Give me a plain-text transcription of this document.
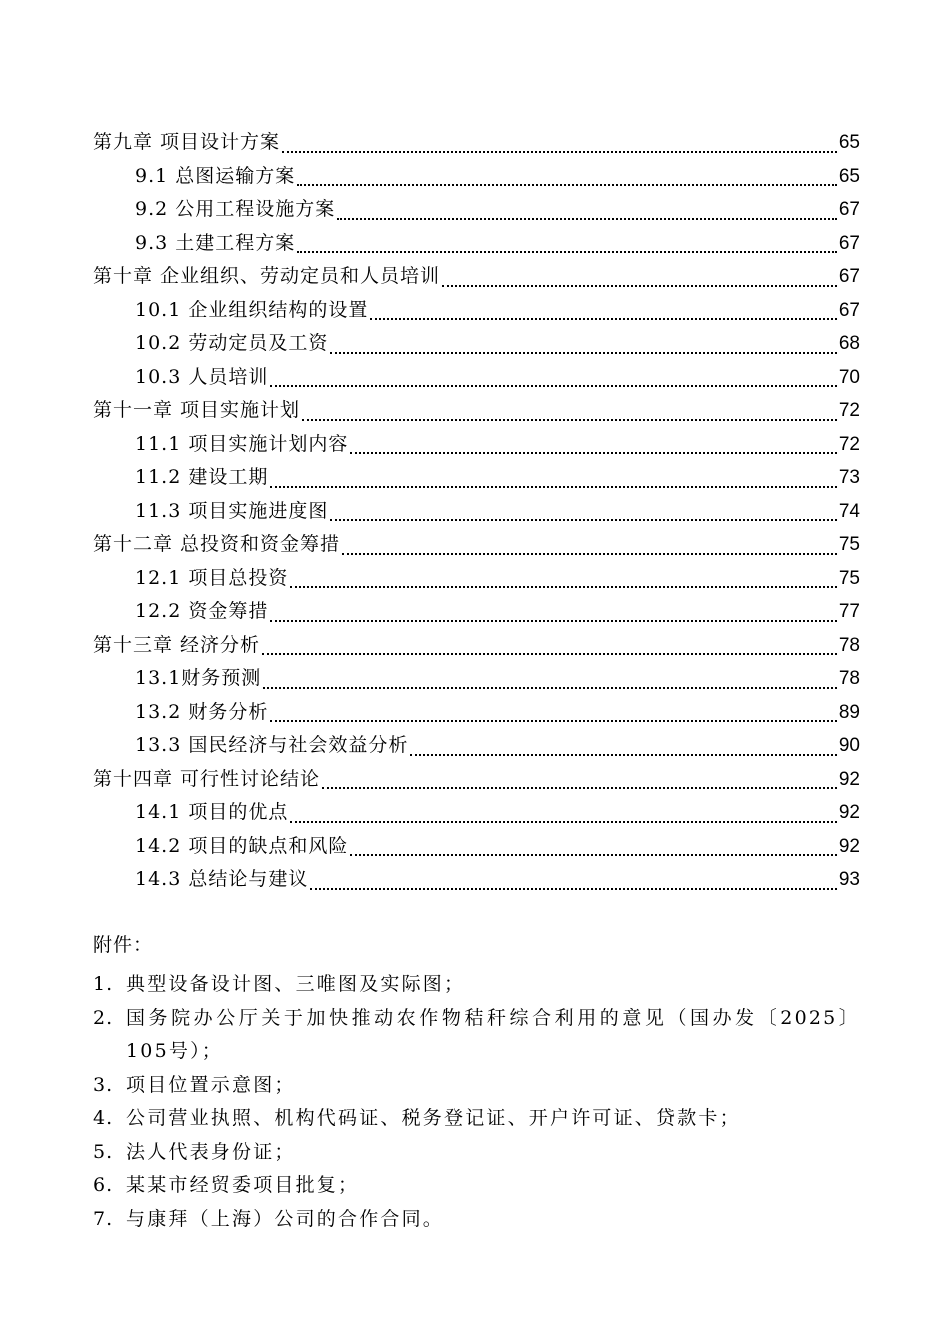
第九章 项目设计方案	65
9.1 总图运输方案	65
9.2 公用工程设施方案	67
9.3 土建工程方案	67
第十章 企业组织、劳动定员和人员培训	67
10.1 企业组织结构的设置	67
10.2 劳动定员及工资	68
10.3 人员培训	70
第十一章 项目实施计划	72
11.1 项目实施计划内容	72
11.2 建设工期	73
11.3 项目实施进度图	74
第十二章 总投资和资金筹措	75
12.1 项目总投资	75
12.2 资金筹措	77
第十三章 经济分析	78
13.1财务预测	78
13.2 财务分析	89
13.3 国民经济与社会效益分析	90
第十四章 可行性讨论结论	92
14.1 项目的优点	92
14.2 项目的缺点和风险	92
14.3 总结论与建议	93
附件：
1. 典型设备设计图、三唯图及实际图；
2. 国务院办公厅关于加快推动农作物秸秆综合利用的意见（国办发〔2025〕105号）；
3. 项目位置示意图；
4. 公司营业执照、机构代码证、税务登记证、开户许可证、贷款卡；
5. 法人代表身份证；
6. 某某市经贸委项目批复；
7. 与康拜（上海）公司的合作合同。
